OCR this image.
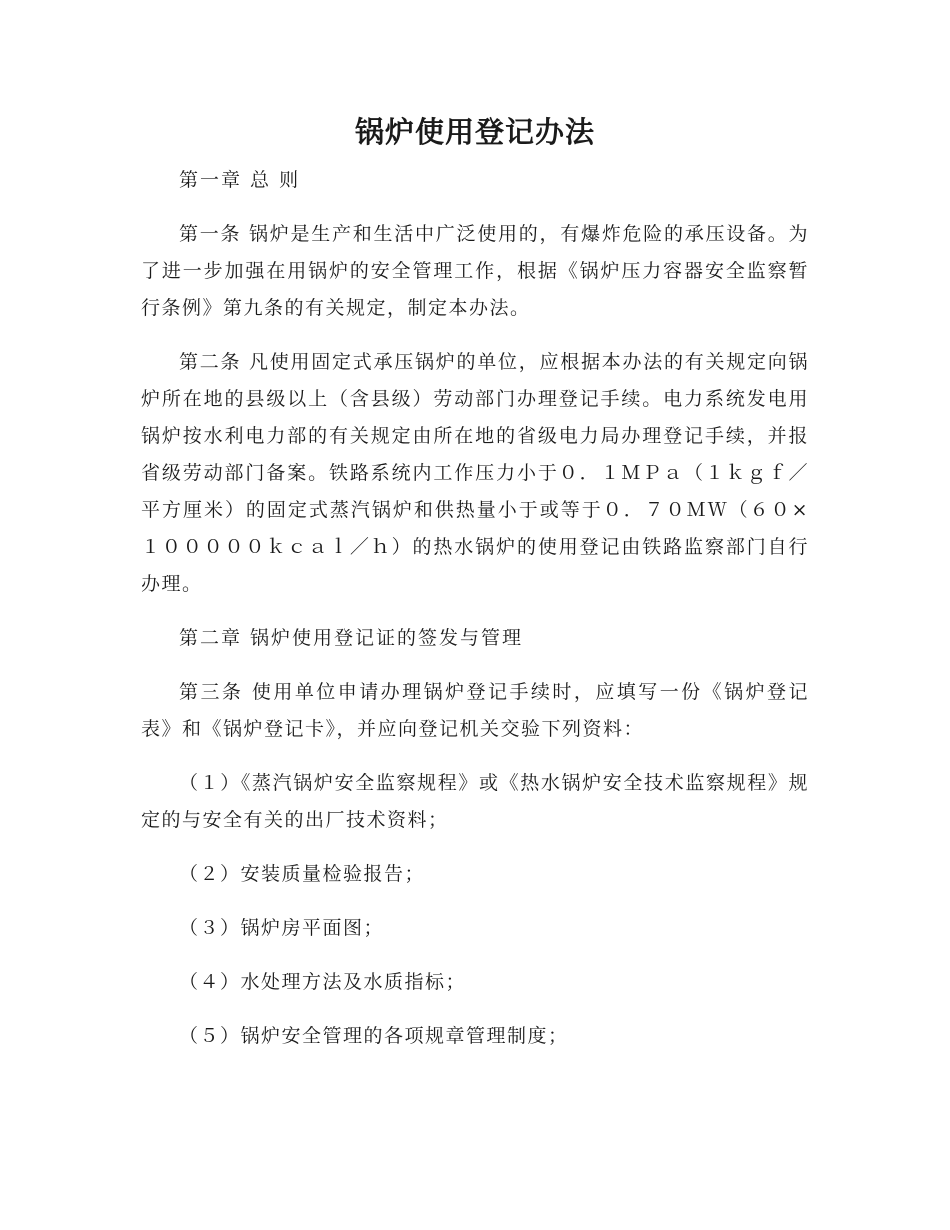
锅炉使用登记办法

第一章 总 则

第一条 锅炉是生产和生活中广泛使用的，有爆炸危险的承压设备。为了进一步加强在用锅炉的安全管理工作，根据《锅炉压力容器安全监察暂行条例》第九条的有关规定，制定本办法。

第二条 凡使用固定式承压锅炉的单位，应根据本办法的有关规定向锅炉所在地的县级以上（含县级）劳动部门办理登记手续。电力系统发电用锅炉按水利电力部的有关规定由所在地的省级电力局办理登记手续，并报省级劳动部门备案。铁路系统内工作压力小于０．１ＭＰａ（１ｋｇｆ／平方厘米）的固定式蒸汽锅炉和供热量小于或等于０．７０ＭＷ（６０×１０００００ｋｃａｌ／ｈ）的热水锅炉的使用登记由铁路监察部门自行办理。

第二章 锅炉使用登记证的签发与管理

第三条 使用单位申请办理锅炉登记手续时，应填写一份《锅炉登记表》和《锅炉登记卡》，并应向登记机关交验下列资料：

（１）《蒸汽锅炉安全监察规程》或《热水锅炉安全技术监察规程》规定的与安全有关的出厂技术资料；

（２）安装质量检验报告；

（３）锅炉房平面图；

（４）水处理方法及水质指标；

（５）锅炉安全管理的各项规章管理制度；
